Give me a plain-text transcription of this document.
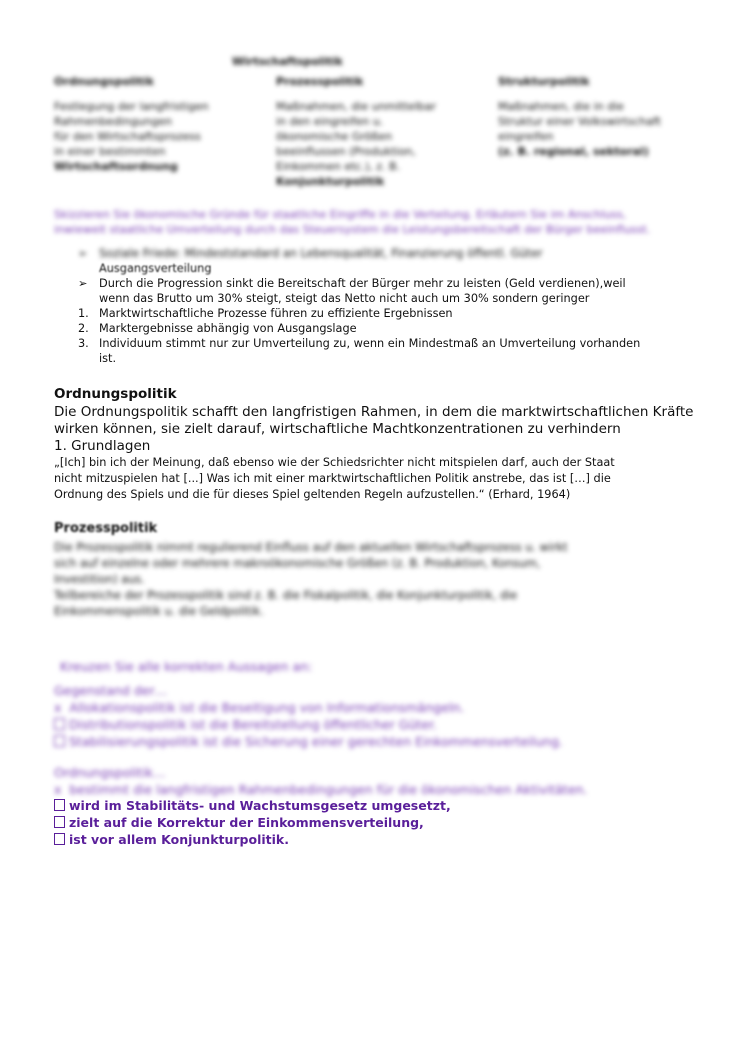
Wirtschaftspolitik
Ordnungspolitik

Festlegung der langfristigen

Rahmenbedingungen

für den Wirtschaftsprozess

in einer bestimmten

Wirtschaftsordnung

Prozesspolitik

Maßnahmen, die unmittelbar

in den eingreifen u.

ökonomische Größen

beeinflussen (Produktion,

Einkommen etc.), z. B.

Konjunkturpolitik

Strukturpolitik

Maßnahmen, die in die

Struktur einer Volkswirtschaft

eingreifen

(z. B. regional, sektoral)

Skizzieren Sie ökonomische Gründe für staatliche Eingriffe in die Verteilung. Erläutern Sie im Anschluss,
inwieweit staatliche Umverteilung durch das Steuersystem die Leistungsbereitschaft der Bürger beeinflusst.
➢	Soziale Friede: Mindeststandard an Lebensqualität, Finanzierung öffentl. Güter
Ausgangsverteilung
➢	Durch die Progression sinkt die Bereitschaft der Bürger mehr zu leisten (Geld verdienen),weil
wenn das Brutto um 30% steigt, steigt das Netto nicht auch um 30% sondern geringer
1. Marktwirtschaftliche Prozesse führen zu effiziente Ergebnissen
2. Marktergebnisse abhängig von Ausgangslage
3. Individuum stimmt nur zur Umverteilung zu, wenn ein Mindestmaß an Umverteilung vorhanden
ist.
Ordnungspolitik
Die Ordnungspolitik schafft den langfristigen Rahmen, in dem die marktwirtschaftlichen Kräfte
wirken können, sie zielt darauf, wirtschaftliche Machtkonzentrationen zu verhindern
1. Grundlagen
„[Ich] bin ich der Meinung, daß ebenso wie der Schiedsrichter nicht mitspielen darf, auch der Staat
nicht mitzuspielen hat [...] Was ich mit einer marktwirtschaftlichen Politik anstrebe, das ist […] die
Ordnung des Spiels und die für dieses Spiel geltenden Regeln aufzustellen.“ (Erhard, 1964)
Prozesspolitik
Die Prozesspolitik nimmt regulierend Einfluss auf den aktuellen Wirtschaftsprozess u. wirkt
sich auf einzelne oder mehrere makroökonomische Größen (z. B. Produktion, Konsum,
Investition) aus.
Teilbereiche der Prozesspolitik sind z. B. die Fiskalpolitik, die Konjunkturpolitik, die
Einkommenspolitik u. die Geldpolitik.
Kreuzen Sie alle korrekten Aussagen an:
Gegenstand der…
x Allokationspolitik ist die Beseitigung von Informationsmängeln.
Distributionspolitik ist die Bereitstellung öffentlicher Güter.
Stabilisierungspolitik ist die Sicherung einer gerechten Einkommensverteilung.
Ordnungspolitik…
x bestimmt die langfristigen Rahmenbedingungen für die ökonomischen Aktivitäten.
wird im Stabilitäts- und Wachstumsgesetz umgesetzt,
zielt auf die Korrektur der Einkommensverteilung,
ist vor allem Konjunkturpolitik.
